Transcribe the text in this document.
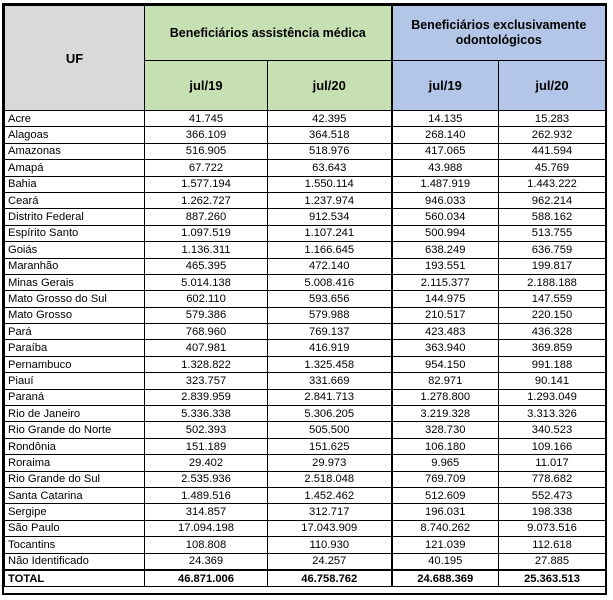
UF	Beneficiários assistência médica		Beneficiários exclusivamente odontológicos	
	jul/19	jul/20	jul/19	jul/20
Acre	41.745	42.395	14.135	15.283
Alagoas	366.109	364.518	268.140	262.932
Amazonas	516.905	518.976	417.065	441.594
Amapá	67.722	63.643	43.988	45.769
Bahia	1.577.194	1.550.114	1.487.919	1.443.222
Ceará	1.262.727	1.237.974	946.033	962.214
Distrito Federal	887.260	912.534	560.034	588.162
Espírito Santo	1.097.519	1.107.241	500.994	513.755
Goiás	1.136.311	1.166.645	638.249	636.759
Maranhão	465.395	472.140	193.551	199.817
Minas Gerais	5.014.138	5.008.416	2.115.377	2.188.188
Mato Grosso do Sul	602.110	593.656	144.975	147.559
Mato Grosso	579.386	579.988	210.517	220.150
Pará	768.960	769.137	423.483	436.328
Paraíba	407.981	416.919	363.940	369.859
Pernambuco	1.328.822	1.325.458	954.150	991.188
Piauí	323.757	331.669	82.971	90.141
Paraná	2.839.959	2.841.713	1.278.800	1.293.049
Rio de Janeiro	5.336.338	5.306.205	3.219.328	3.313.326
Rio Grande do Norte	502.393	505.500	328.730	340.523
Rondônia	151.189	151.625	106.180	109.166
Roraima	29.402	29.973	9.965	11.017
Rio Grande do Sul	2.535.936	2.518.048	769.709	778.682
Santa Catarina	1.489.516	1.452.462	512.609	552.473
Sergipe	314.857	312.717	196.031	198.338
São Paulo	17.094.198	17.043.909	8.740.262	9.073.516
Tocantins	108.808	110.930	121.039	112.618
Não Identificado	24.369	24.257	40.195	27.885
TOTAL	46.871.006	46.758.762	24.688.369	25.363.513
